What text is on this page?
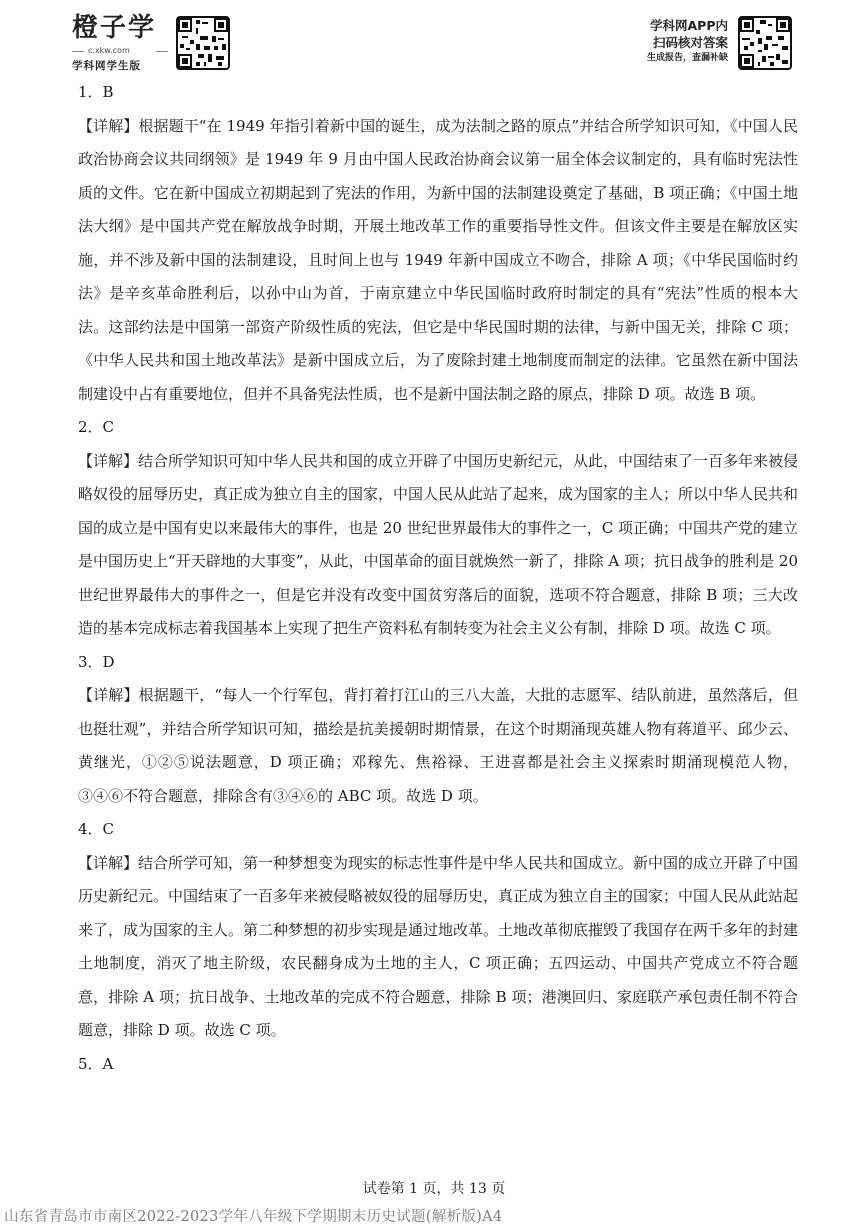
橙子学
c.xkw.com
学科网学生版
学科网APP内
扫码核对答案
生成报告，查漏补缺

1．B

【详解】根据题干“在 1949 年指引着新中国的诞生，成为法制之路的原点”并结合所学知识可知，《中国人民政治协商会议共同纲领》是 1949 年 9 月由中国人民政治协商会议第一届全体会议制定的，具有临时宪法性质的文件。它在新中国成立初期起到了宪法的作用，为新中国的法制建设奠定了基础，B 项正确；《中国土地法大纲》是中国共产党在解放战争时期，开展土地改革工作的重要指导性文件。但该文件主要是在解放区实施，并不涉及新中国的法制建设，且时间上也与 1949 年新中国成立不吻合，排除 A 项；《中华民国临时约法》是辛亥革命胜利后，以孙中山为首，于南京建立中华民国临时政府时制定的具有“宪法”性质的根本大法。这部约法是中国第一部资产阶级性质的宪法，但它是中华民国时期的法律，与新中国无关，排除 C 项；《中华人民共和国土地改革法》是新中国成立后，为了废除封建土地制度而制定的法律。它虽然在新中国法制建设中占有重要地位，但并不具备宪法性质，也不是新中国法制之路的原点，排除 D 项。故选 B 项。

2．C

【详解】结合所学知识可知中华人民共和国的成立开辟了中国历史新纪元，从此，中国结束了一百多年来被侵略奴役的屈辱历史，真正成为独立自主的国家，中国人民从此站了起来，成为国家的主人；所以中华人民共和国的成立是中国有史以来最伟大的事件，也是 20 世纪世界最伟大的事件之一，C 项正确；中国共产党的建立是中国历史上“开天辟地的大事变”，从此，中国革命的面目就焕然一新了，排除 A 项；抗日战争的胜利是 20 世纪世界最伟大的事件之一，但是它并没有改变中国贫穷落后的面貌，选项不符合题意，排除 B 项；三大改造的基本完成标志着我国基本上实现了把生产资料私有制转变为社会主义公有制，排除 D 项。故选 C 项。

3．D

【详解】根据题干，“每人一个行军包，背打着打江山的三八大盖，大批的志愿军、结队前进，虽然落后，但也挺壮观”，并结合所学知识可知，描绘是抗美援朝时期情景，在这个时期涌现英雄人物有蒋道平、邱少云、黄继光，①②⑤说法题意，D 项正确；邓稼先、焦裕禄、王进喜都是社会主义探索时期涌现模范人物，③④⑥不符合题意，排除含有③④⑥的 ABC 项。故选 D 项。

4．C

【详解】结合所学可知，第一种梦想变为现实的标志性事件是中华人民共和国成立。新中国的成立开辟了中国历史新纪元。中国结束了一百多年来被侵略被奴役的屈辱历史，真正成为独立自主的国家；中国人民从此站起来了，成为国家的主人。第二种梦想的初步实现是通过地改革。土地改革彻底摧毁了我国存在两千多年的封建土地制度，消灭了地主阶级，农民翻身成为土地的主人，C 项正确；五四运动、中国共产党成立不符合题意，排除 A 项；抗日战争、土地改革的完成不符合题意，排除 B 项；港澳回归、家庭联产承包责任制不符合题意，排除 D 项。故选 C 项。

5．A

试卷第 1 页，共 13 页
山东省青岛市市南区2022-2023学年八年级下学期期末历史试题(解析版)A4
